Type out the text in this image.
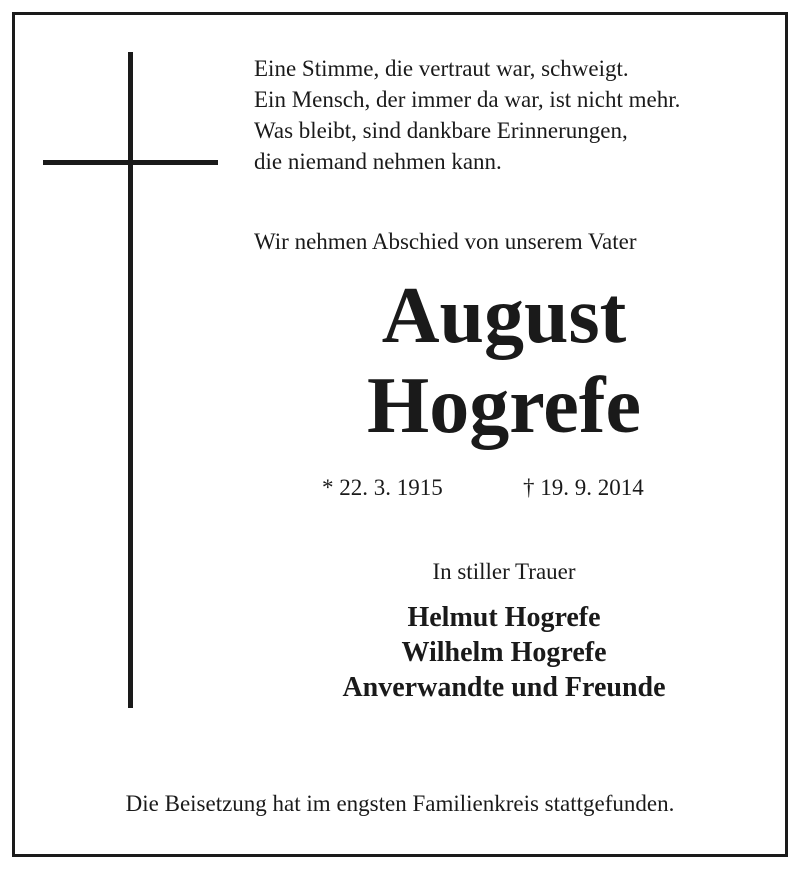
Eine Stimme, die vertraut war, schweigt.
Ein Mensch, der immer da war, ist nicht mehr.
Was bleibt, sind dankbare Erinnerungen,
die niemand nehmen kann.
Wir nehmen Abschied von unserem Vater
August
Hogrefe
* 22. 3. 1915	† 19. 9. 2014
In stiller Trauer
Helmut Hogrefe
Wilhelm Hogrefe
Anverwandte und Freunde
Die Beisetzung hat im engsten Familienkreis stattgefunden.
